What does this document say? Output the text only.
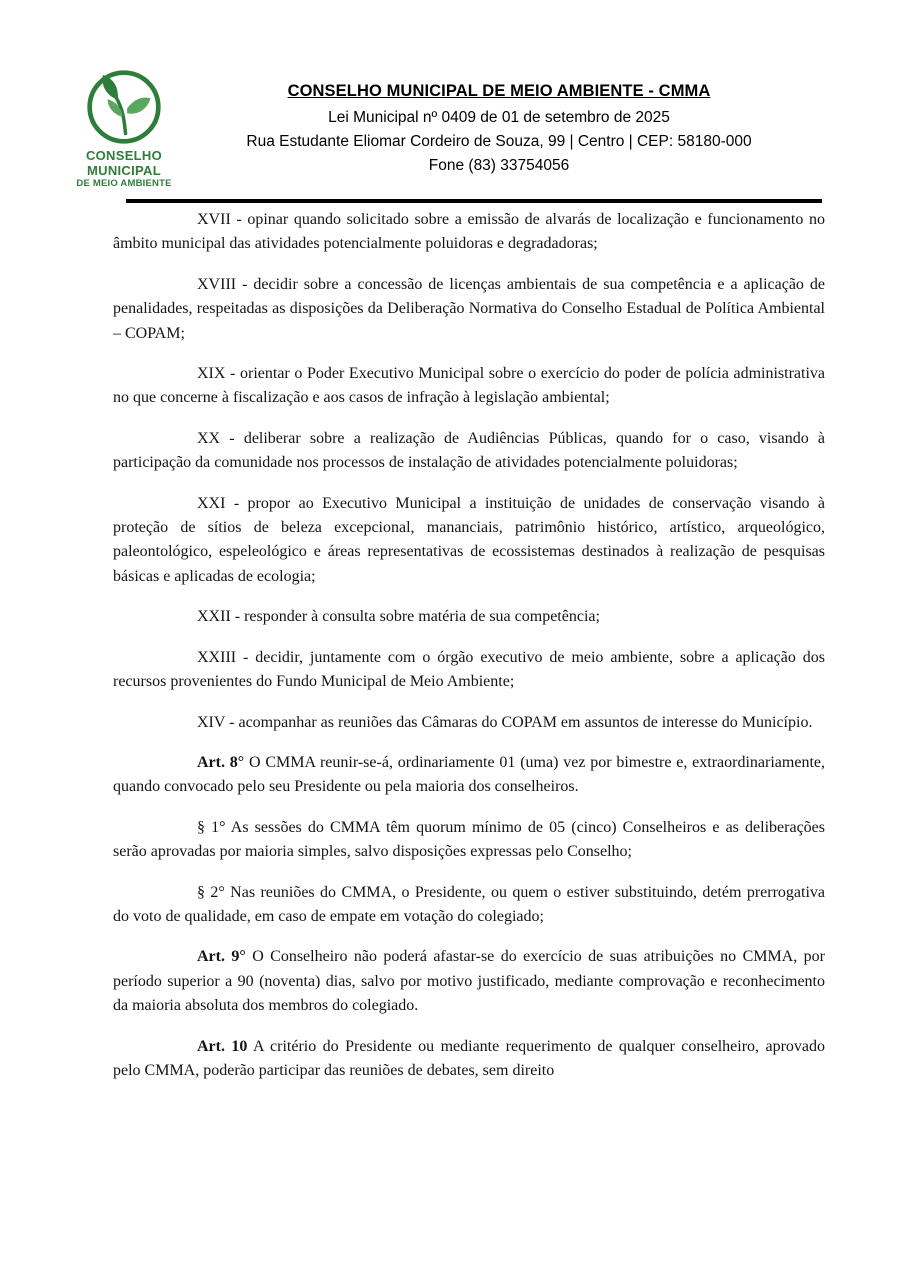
CONSELHO
MUNICIPAL
DE MEIO AMBIENTE
CONSELHO MUNICIPAL DE MEIO AMBIENTE - CMMA
Lei Municipal nº 0409 de 01 de setembro de 2025
Rua Estudante Eliomar Cordeiro de Souza, 99 | Centro | CEP: 58180-000
Fone (83) 33754056

XVII - opinar quando solicitado sobre a emissão de alvarás de localização e funcionamento no âmbito municipal das atividades potencialmente poluidoras e degradadoras;

XVIII - decidir sobre a concessão de licenças ambientais de sua competência e a aplicação de penalidades, respeitadas as disposições da Deliberação Normativa do Conselho Estadual de Política Ambiental – COPAM;

XIX - orientar o Poder Executivo Municipal sobre o exercício do poder de polícia administrativa no que concerne à fiscalização e aos casos de infração à legislação ambiental;

XX - deliberar sobre a realização de Audiências Públicas, quando for o caso, visando à participação da comunidade nos processos de instalação de atividades potencialmente poluidoras;

XXI - propor ao Executivo Municipal a instituição de unidades de conservação visando à proteção de sítios de beleza excepcional, mananciais, patrimônio histórico, artístico, arqueológico, paleontológico, espeleológico e áreas representativas de ecossistemas destinados à realização de pesquisas básicas e aplicadas de ecologia;

XXII - responder à consulta sobre matéria de sua competência;

XXIII - decidir, juntamente com o órgão executivo de meio ambiente, sobre a aplicação dos recursos provenientes do Fundo Municipal de Meio Ambiente;

XIV - acompanhar as reuniões das Câmaras do COPAM em assuntos de interesse do Município.

Art. 8° O CMMA reunir-se-á, ordinariamente 01 (uma) vez por bimestre e, extraordinariamente, quando convocado pelo seu Presidente ou pela maioria dos conselheiros.

§ 1° As sessões do CMMA têm quorum mínimo de 05 (cinco) Conselheiros e as deliberações serão aprovadas por maioria simples, salvo disposições expressas pelo Conselho;

§ 2° Nas reuniões do CMMA, o Presidente, ou quem o estiver substituindo, detém prerrogativa do voto de qualidade, em caso de empate em votação do colegiado;

Art. 9° O Conselheiro não poderá afastar-se do exercício de suas atribuições no CMMA, por período superior a 90 (noventa) dias, salvo por motivo justificado, mediante comprovação e reconhecimento da maioria absoluta dos membros do colegiado.

Art. 10 A critério do Presidente ou mediante requerimento de qualquer conselheiro, aprovado pelo CMMA, poderão participar das reuniões de debates, sem direito
